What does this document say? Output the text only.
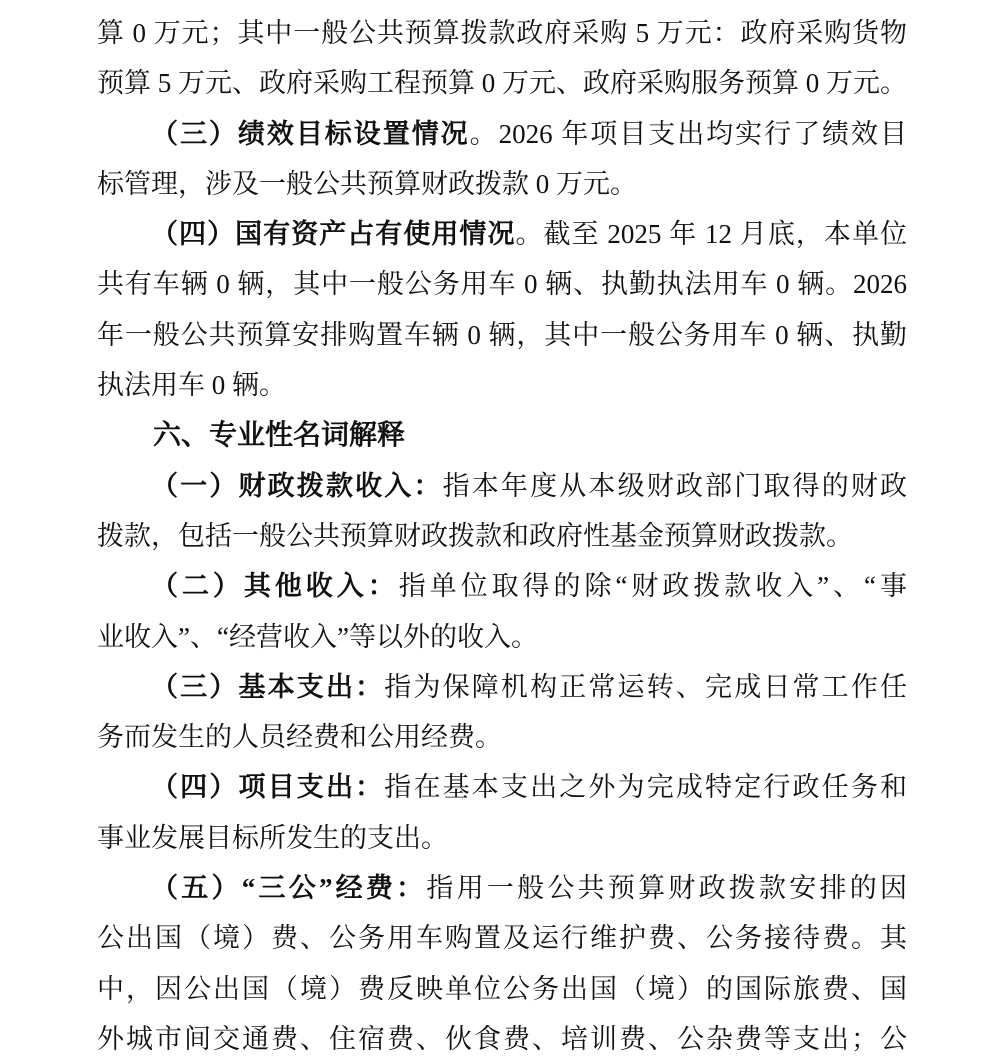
算 0 万元；其中一般公共预算拨款政府采购 5 万元：政府采购货物
预算 5 万元、政府采购工程预算 0 万元、政府采购服务预算 0 万元。
（三）绩效目标设置情况。2026 年项目支出均实行了绩效目
标管理，涉及一般公共预算财政拨款 0 万元。
（四）国有资产占有使用情况。截至 2025 年 12 月底，本单位
共有车辆 0 辆，其中一般公务用车 0 辆、执勤执法用车 0 辆。2026
年一般公共预算安排购置车辆 0 辆，其中一般公务用车 0 辆、执勤
执法用车 0 辆。
六、专业性名词解释
（一）财政拨款收入：指本年度从本级财政部门取得的财政
拨款，包括一般公共预算财政拨款和政府性基金预算财政拨款。
（二）其他收入：指单位取得的除“财政拨款收入”、“事
业收入”、“经营收入”等以外的收入。
（三）基本支出：指为保障机构正常运转、完成日常工作任
务而发生的人员经费和公用经费。
（四）项目支出：指在基本支出之外为完成特定行政任务和
事业发展目标所发生的支出。
（五）“三公”经费：指用一般公共预算财政拨款安排的因
公出国（境）费、公务用车购置及运行维护费、公务接待费。其
中，因公出国（境）费反映单位公务出国（境）的国际旅费、国
外城市间交通费、住宿费、伙食费、培训费、公杂费等支出；公
